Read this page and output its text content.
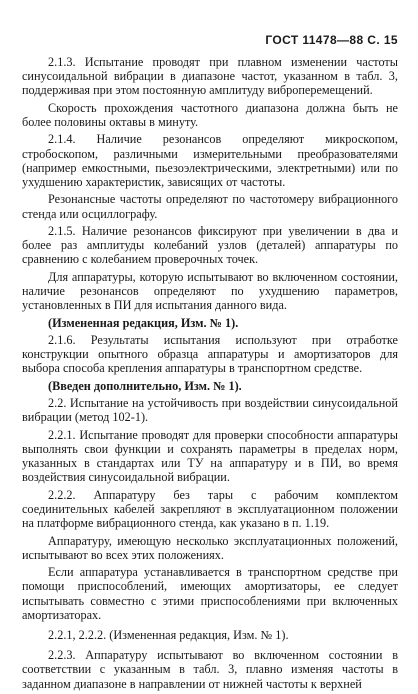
ГОСТ 11478—88 С. 15

2.1.3. Испытание проводят при плавном изменении частоты синусоидальной вибрации в диапазоне частот, указанном в табл. 3, поддерживая при этом постоянную амплитуду виброперемещений.

Скорость прохождения частотного диапазона должна быть не более половины октавы в минуту.

2.1.4. Наличие резонансов определяют микроскопом, стробоскопом, различными измерительными преобразователями (например емкостными, пьезоэлектрическими, электретными) или по ухудшению характеристик, зависящих от частоты.

Резонансные частоты определяют по частотомеру вибрационного стенда или осциллографу.

2.1.5. Наличие резонансов фиксируют при увеличении в два и более раз амплитуды колебаний узлов (деталей) аппаратуры по сравнению с колебанием проверочных точек.

Для аппаратуры, которую испытывают во включенном состоянии, наличие резонансов определяют по ухудшению параметров, установленных в ПИ для испытания данного вида.

(Измененная редакция, Изм. № 1).

2.1.6. Результаты испытания используют при отработке конструкции опытного образца аппаратуры и амортизаторов для выбора способа крепления аппаратуры в транспортном средстве.

(Введен дополнительно, Изм. № 1).

2.2. Испытание на устойчивость при воздействии синусоидальной вибрации (метод 102-1).

2.2.1. Испытание проводят для проверки способности аппаратуры выполнять свои функции и сохранять параметры в пределах норм, указанных в стандартах или ТУ на аппаратуру и в ПИ, во время воздействия синусоидальной вибрации.

2.2.2. Аппаратуру без тары с рабочим комплектом соединительных кабелей закрепляют в эксплуатационном положении на платформе вибрационного стенда, как указано в п. 1.19.

Аппаратуру, имеющую несколько эксплуатационных положений, испытывают во всех этих положениях.

Если аппаратура устанавливается в транспортном средстве при помощи приспособлений, имеющих амортизаторы, ее следует испытывать совместно с этими приспособлениями при включенных амортизаторах.

2.2.1, 2.2.2. (Измененная редакция, Изм. № 1).

2.2.3. Аппаратуру испытывают во включенном состоянии в соответствии с указанным в табл. 3, плавно изменяя частоты в заданном диапазоне в направлении от нижней частоты к верхней
